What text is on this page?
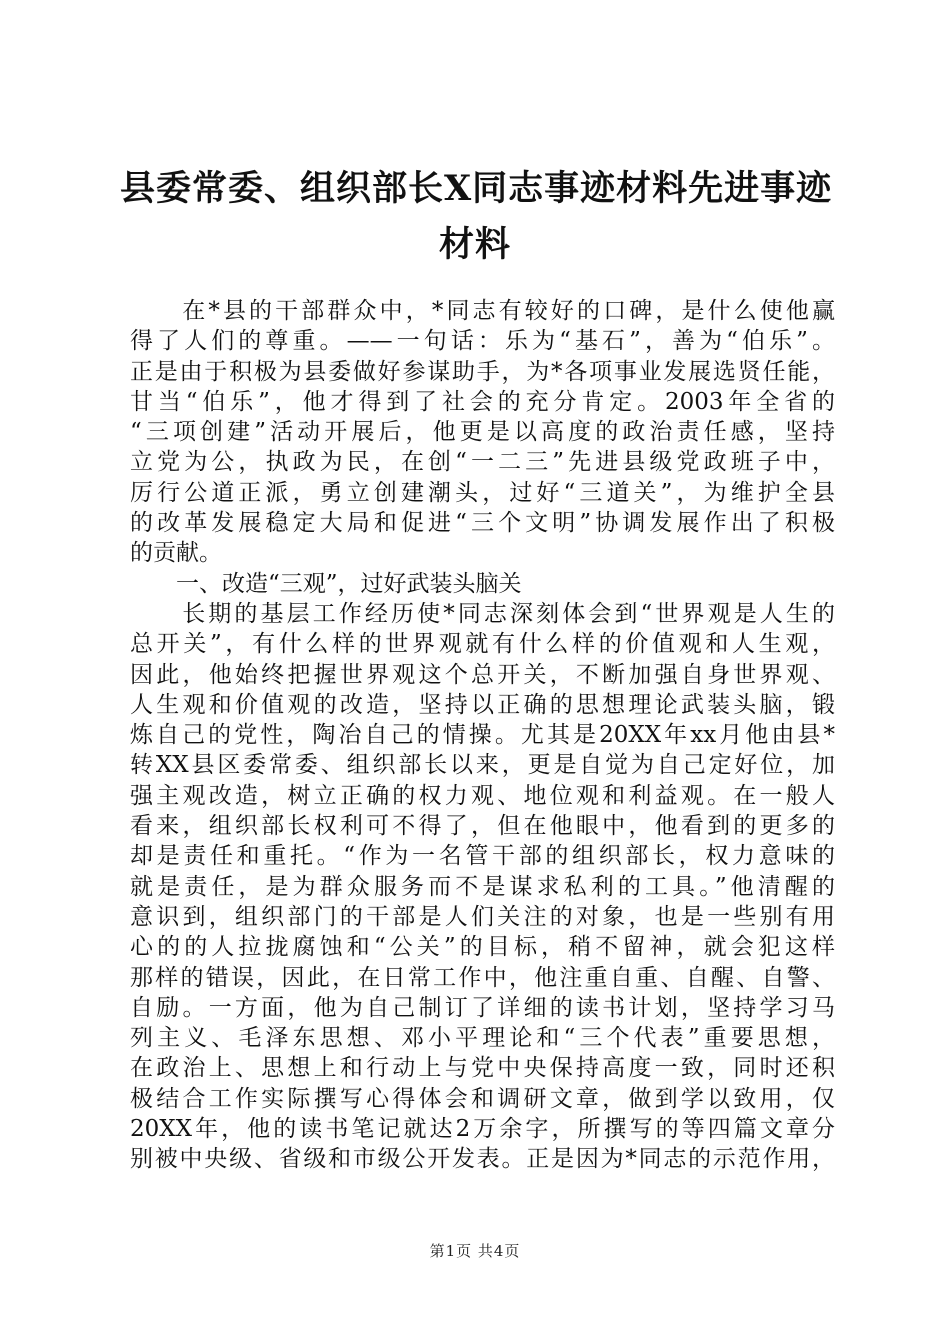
县委常委、组织部长X同志事迹材料先进事迹
材料
　　在*县的干部群众中，*同志有较好的口碑，是什么使他赢
得了人们的尊重。——一句话：乐为“基石”，善为“伯乐”。
正是由于积极为县委做好参谋助手，为*各项事业发展选贤任能，
甘当“伯乐”，他才得到了社会的充分肯定。2003年全省的
“三项创建”活动开展后，他更是以高度的政治责任感，坚持
立党为公，执政为民，在创“一二三”先进县级党政班子中，
厉行公道正派，勇立创建潮头，过好“三道关”，为维护全县
的改革发展稳定大局和促进“三个文明”协调发展作出了积极
的贡献。
　　一、改造“三观”，过好武装头脑关
　　长期的基层工作经历使*同志深刻体会到“世界观是人生的
总开关”，有什么样的世界观就有什么样的价值观和人生观，
因此，他始终把握世界观这个总开关，不断加强自身世界观、
人生观和价值观的改造，坚持以正确的思想理论武装头脑，锻
炼自己的党性，陶冶自己的情操。尤其是20XX年xx月他由县*
转XX县区委常委、组织部长以来，更是自觉为自己定好位，加
强主观改造，树立正确的权力观、地位观和利益观。在一般人
看来，组织部长权利可不得了，但在他眼中，他看到的更多的
却是责任和重托。“作为一名管干部的组织部长，权力意味的
就是责任，是为群众服务而不是谋求私利的工具。”他清醒的
意识到，组织部门的干部是人们关注的对象，也是一些别有用
心的的人拉拢腐蚀和“公关”的目标，稍不留神，就会犯这样
那样的错误，因此，在日常工作中，他注重自重、自醒、自警、
自励。一方面，他为自己制订了详细的读书计划，坚持学习马
列主义、毛泽东思想、邓小平理论和“三个代表”重要思想，
在政治上、思想上和行动上与党中央保持高度一致，同时还积
极结合工作实际撰写心得体会和调研文章，做到学以致用，仅
20XX年，他的读书笔记就达2万余字，所撰写的等四篇文章分
别被中央级、省级和市级公开发表。正是因为*同志的示范作用，
第1页 共4页
